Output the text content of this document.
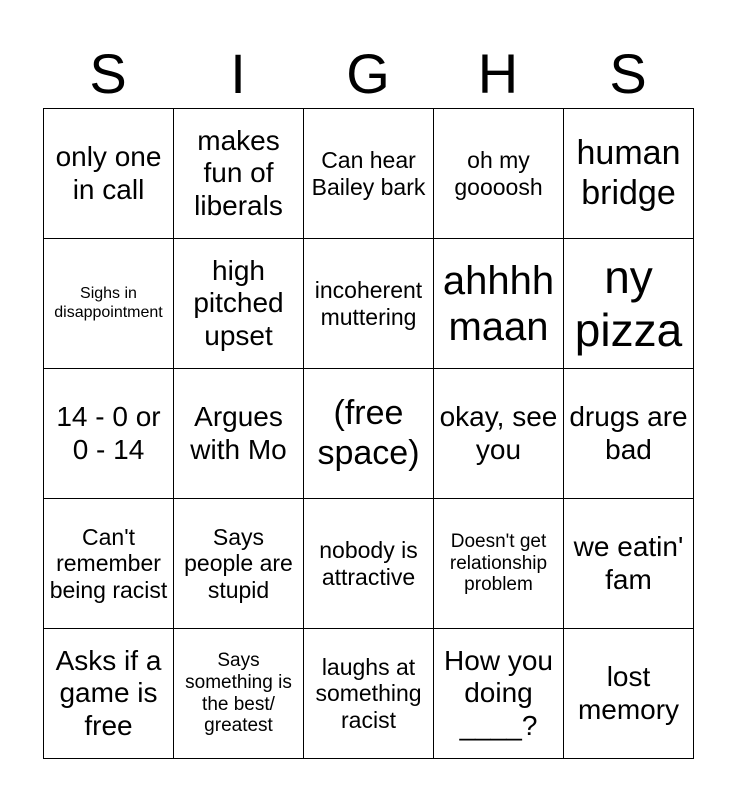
S	I	G	H	S
only one in call	makes fun of liberals	Can hear Bailey bark	oh my goooosh	human bridge
Sighs in disappointment	high pitched upset	incoherent muttering	ahhhh maan	ny pizza
14 - 0 or 0 - 14	Argues with Mo	(free space)	okay, see you	drugs are bad
Can't remember being racist	Says people are stupid	nobody is attractive	Doesn't get relationship problem	we eatin' fam
Asks if a game is free	Says something is the best/ greatest	laughs at something racist	How you doing ____?	lost memory
